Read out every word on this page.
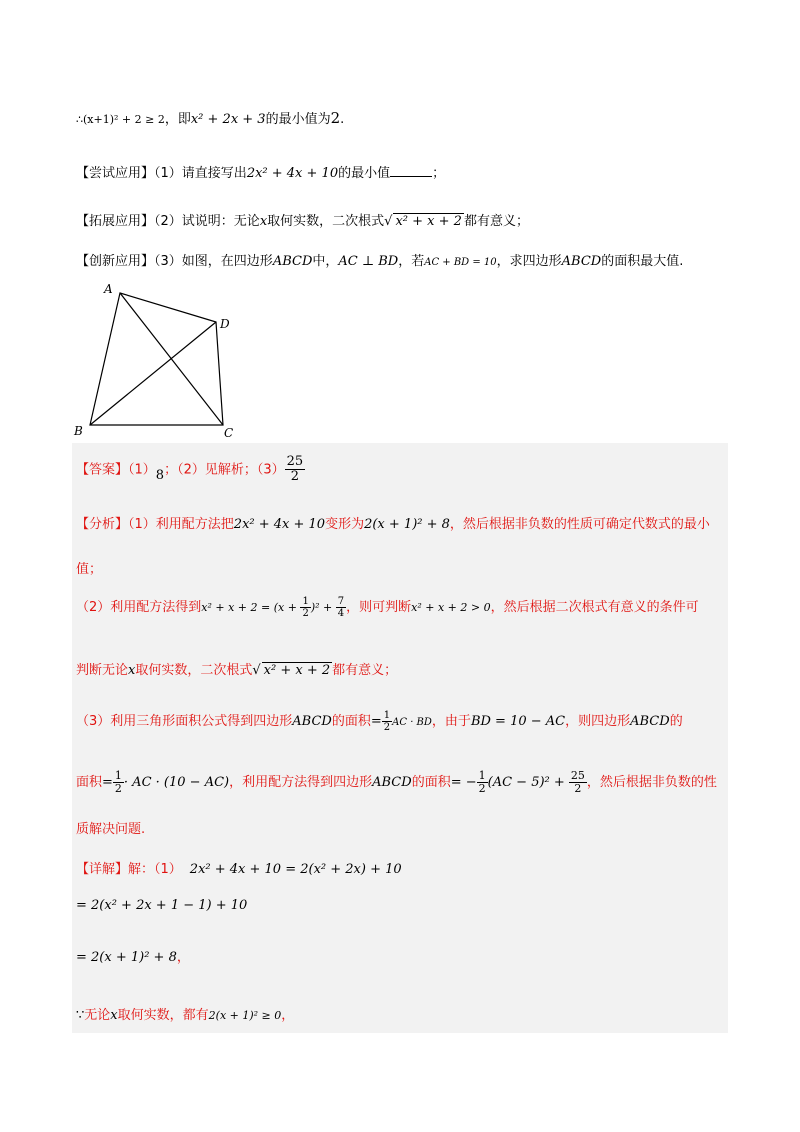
∴(x+1)² + 2 ≥ 2，即x² + 2x + 3的最小值为2.
【尝试应用】（1）请直接写出2x² + 4x + 10的最小值	；
【拓展应用】（2）试说明：无论x取何实数，二次根式√ x² + x + 2 都有意义；
【创新应用】（3）如图，在四边形ABCD中，AC ⊥ BD，若AC + BD = 10，求四边形ABCD的面积最大值.
A
D
B	C
【答案】（1）8；（2）见解析；$(3) \frac{25}{2}$
【分析】（1）利用配方法把2x² + 4x + 10变形为2(x + 1)² + 8，然后根据非负数的性质可确定代数式的最小
值；
（2）利用配方法得到$x^2 + x + 2 = (x + \frac{1}{2} )^2 + \frac{7}{4}$ ，则可判断x² + x + 2 > 0，然后根据二次根式有意义的条件可
判断无论x取何实数，二次根式√ x² + x + 2 都有意义；
（3）利用三角形面积公式得到四边形ABCD的面积= $\frac{1}{2}$ AC · BD，由于BD = 10 − AC，则四边形ABCD的
面积= $\frac{1}{2}$ · AC · (10 − AC)，利用配方法得到四边形ABCD的面积= − $\frac{1}{2} (AC - 5)^2 + \frac{25}{2}$ ，然后根据非负数的性
质解决问题.
【详解】解：（1） 2x² + 4x + 10 = 2(x² + 2x) + 10
= 2(x² + 2x + 1 − 1) + 10
= 2(x + 1)² + 8，
∵无论x取何实数，都有2(x + 1)² ≥ 0，
